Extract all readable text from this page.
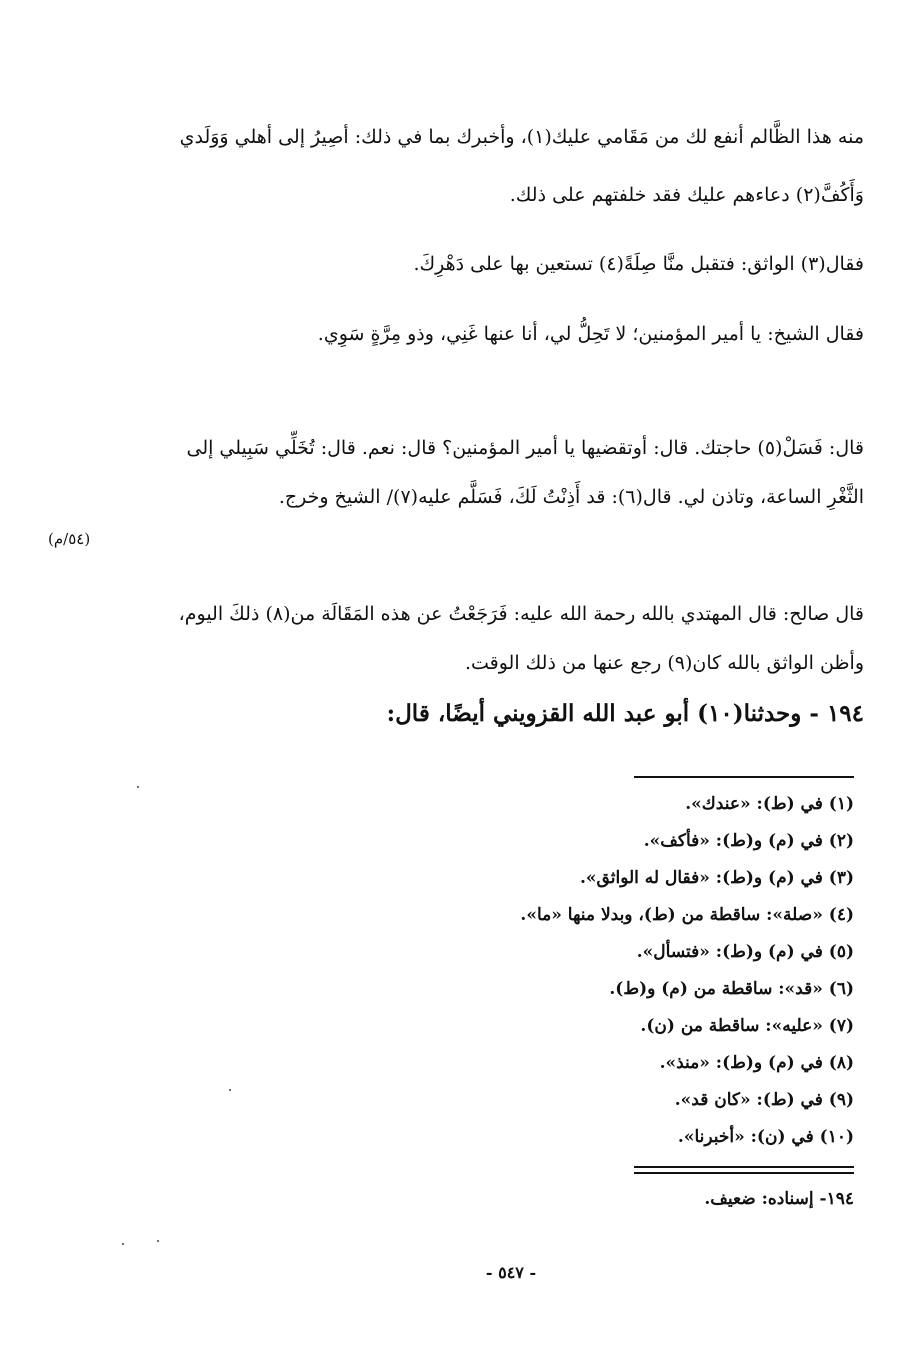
منه هذا الظَّالم أنفع لك من مَقَامي عليك(١)، وأخبرك بما في ذلك: أصِيرُ إلى أهلي وَوَلَدي وَأَكُفَّ(٢) دعاءهم عليك فقد خلفتهم على ذلك.

فقال(٣) الواثق: فتقبل منَّا صِلَةً(٤) تستعين بها على دَهْرِكَ.

فقال الشيخ: يا أمير المؤمنين؛ لا تَحِلُّ لي، أنا عنها غَنِي، وذو مِرَّةٍ سَوِي.

قال: فَسَلْ(٥) حاجتك. قال: أوتقضيها يا أمير المؤمنين؟ قال: نعم. قال: تُخَلِّي سَبِيلي إلى الثَّغْرِ الساعة، وتاذن لي. قال(٦): قد أَذِنْتُ لَكَ، فَسَلَّم عليه(٧)/ الشيخ وخرج.

(٥٤/م)

قال صالح: قال المهتدي بالله رحمة الله عليه: فَرَجَعْتُ عن هذه المَقَالَة من(٨) ذلكَ اليوم، وأظن الواثق بالله كان(٩) رجع عنها من ذلك الوقت.

١٩٤ - وحدثنا(١٠) أبو عبد الله القزويني أيضًا، قال:
(١) في (ط): «عندك».
(٢) في (م) و(ط): «فأكف».
(٣) في (م) و(ط): «فقال له الواثق».
(٤) «صلة»: ساقطة من (ط)، وبدلا منها «ما».
(٥) في (م) و(ط): «فتسأل».
(٦) «قد»: ساقطة من (م) و(ط).
(٧) «عليه»: ساقطة من (ن).
(٨) في (م) و(ط): «منذ».
(٩) في (ط): «كان قد».
(١٠) في (ن): «أخبرنا».
١٩٤- إسناده: ضعيف.
- ٥٤٧ -
